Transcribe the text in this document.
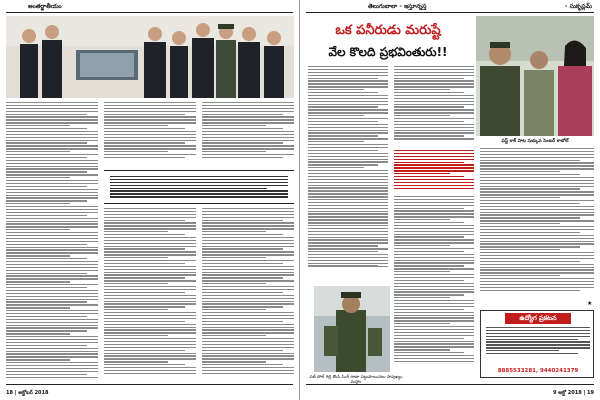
అంతర్జాతీయం
18 | అక్టోబర్ 2018
తెలుగుబాలా - ఇస్తూన్నస్త	- సుకృస్లమ్
ఒక పనీరుడు మరుష్టే
వేల కొలది ప్రభవింతురు!!
ఫస్ట్ కాక్ పాట నుక్కువ సెంటర్ కాబోల్
పట్ సోల్ గిల్లి కౌంసి సింగ్ రాణా పట్టుపాయినటు సావుఖ్యం మహ్లాం
ఉద్యోగ ప్రకటన
8885533281, 9440241379
★
9 అక్టో 2018 | 19
